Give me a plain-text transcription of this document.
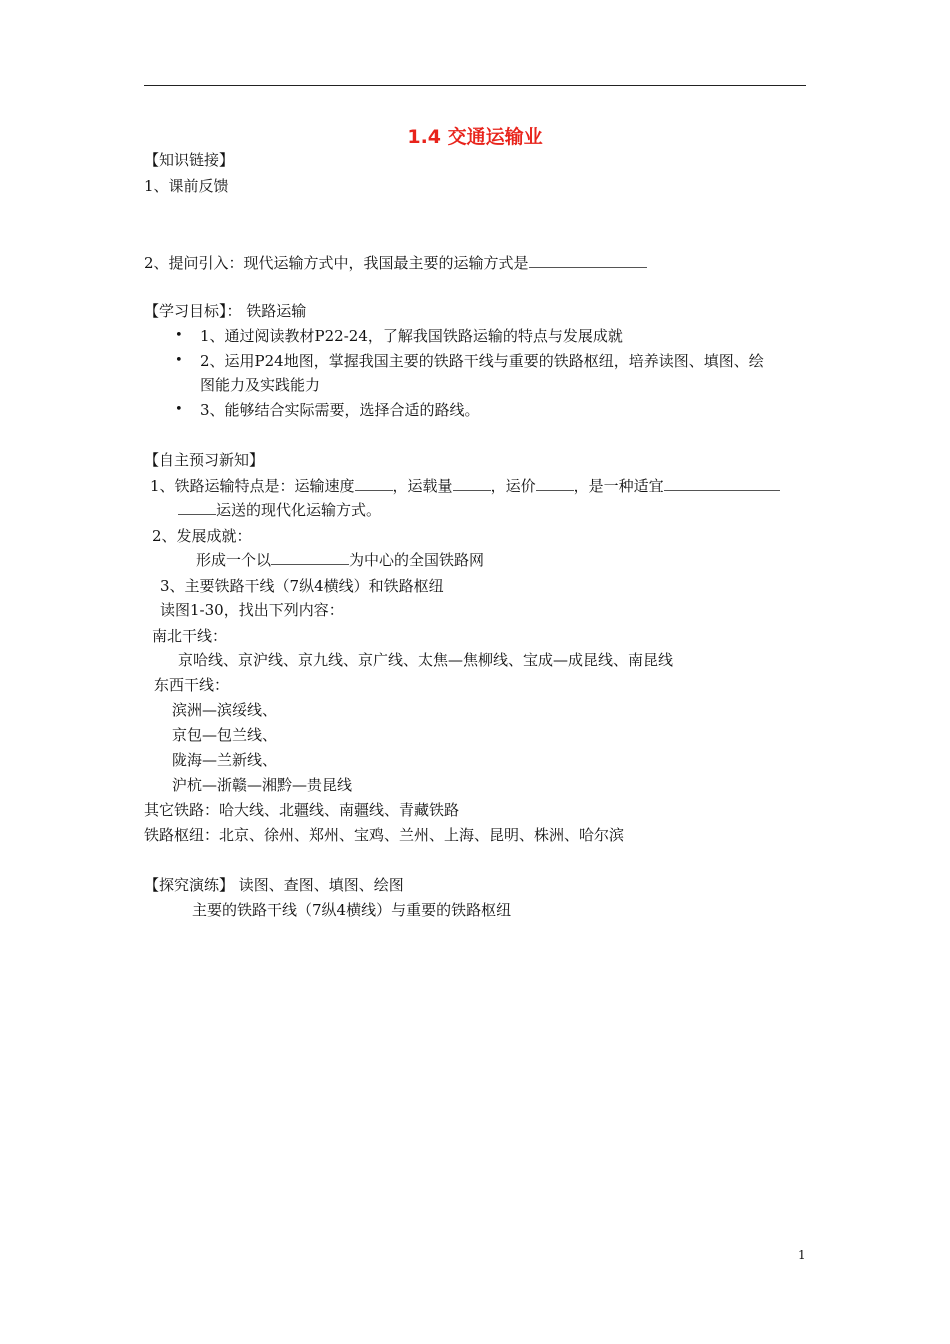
1.4 交通运输业
【知识链接】
1、课前反馈
2、提问引入：现代运输方式中，我国最主要的运输方式是
【学习目标】： 铁路运输
• 1、通过阅读教材P22-24，了解我国铁路运输的特点与发展成就
• 2、运用P24地图，掌握我国主要的铁路干线与重要的铁路枢纽，培养读图、填图、绘
图能力及实践能力
• 3、能够结合实际需要，选择合适的路线。
【自主预习新知】
1、铁路运输特点是：运输速度	，运载量	，运价	，是一种适宜
运送的现代化运输方式。
2、发展成就：
形成一个以	为中心的全国铁路网
3、主要铁路干线（7纵4横线）和铁路枢纽
读图1-30，找出下列内容：
南北干线：
京哈线、京沪线、京九线、京广线、太焦—焦柳线、宝成—成昆线、南昆线
东西干线：
滨洲—滨绥线、
京包—包兰线、
陇海—兰新线、
沪杭—浙赣—湘黔—贵昆线
其它铁路：哈大线、北疆线、南疆线、青藏铁路
铁路枢纽：北京、徐州、郑州、宝鸡、兰州、上海、昆明、株洲、哈尔滨
【探究演练】 读图、查图、填图、绘图
主要的铁路干线（7纵4横线）与重要的铁路枢纽
1
